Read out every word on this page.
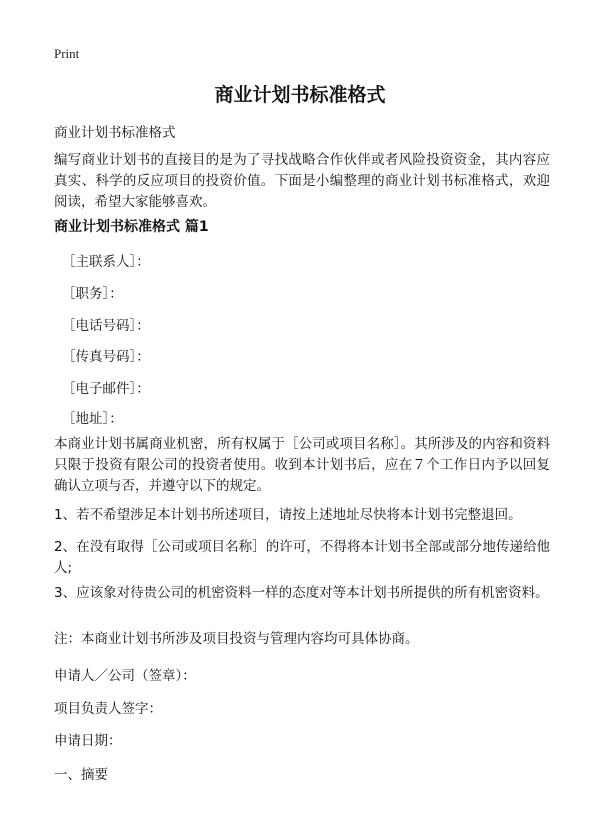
Print
商业计划书标准格式
商业计划书标准格式

编写商业计划书的直接目的是为了寻找战略合作伙伴或者风险投资资金，其内容应真实、科学的反应项目的投资价值。下面是小编整理的商业计划书标准格式，欢迎阅读，希望大家能够喜欢。

商业计划书标准格式 篇1
［主联系人］：
［职务］：
［电话号码］：
［传真号码］：
［电子邮件］：
［地址］：

本商业计划书属商业机密，所有权属于［公司或项目名称］。其所涉及的内容和资料只限于投资有限公司的投资者使用。收到本计划书后，应在７个工作日内予以回复确认立项与否，并遵守以下的规定。

1、若不希望涉足本计划书所述项目，请按上述地址尽快将本计划书完整退回。

2、在没有取得［公司或项目名称］的许可，不得将本计划书全部或部分地传递给他人;

3、应该象对待贵公司的机密资料一样的态度对等本计划书所提供的所有机密资料。

注：本商业计划书所涉及项目投资与管理内容均可具体协商。

申请人／公司（签章）：
项目负责人签字：
申请日期：
一、摘要
